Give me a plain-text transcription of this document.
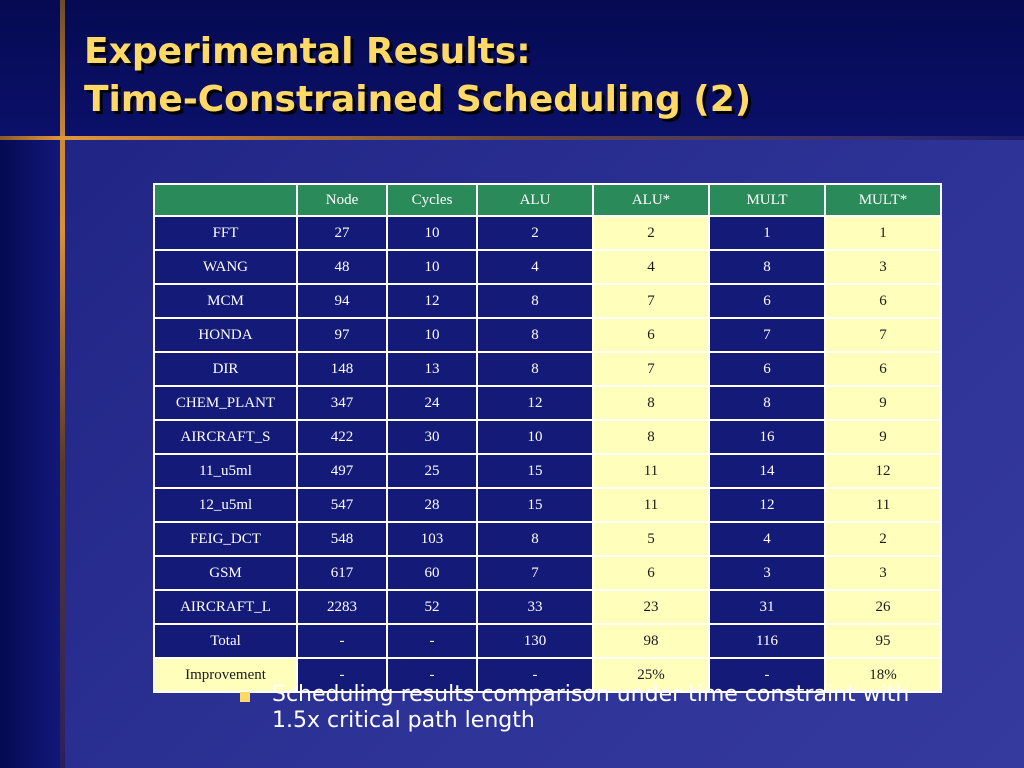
Experimental Results:
Time-Constrained Scheduling (2)
	Node	Cycles	ALU	ALU*	MULT	MULT*
FFT	27	10	2	2	1	1
WANG	48	10	4	4	8	3
MCM	94	12	8	7	6	6
HONDA	97	10	8	6	7	7
DIR	148	13	8	7	6	6
CHEM_PLANT	347	24	12	8	8	9
AIRCRAFT_S	422	30	10	8	16	9
11_u5ml	497	25	15	11	14	12
12_u5ml	547	28	15	11	12	11
FEIG_DCT	548	103	8	5	4	2
GSM	617	60	7	6	3	3
AIRCRAFT_L	2283	52	33	23	31	26
Total	-	-	130	98	116	95
Improvement	-	-	-	25%	-	18%
Scheduling results comparison under time constraint with 1.5x critical path length
